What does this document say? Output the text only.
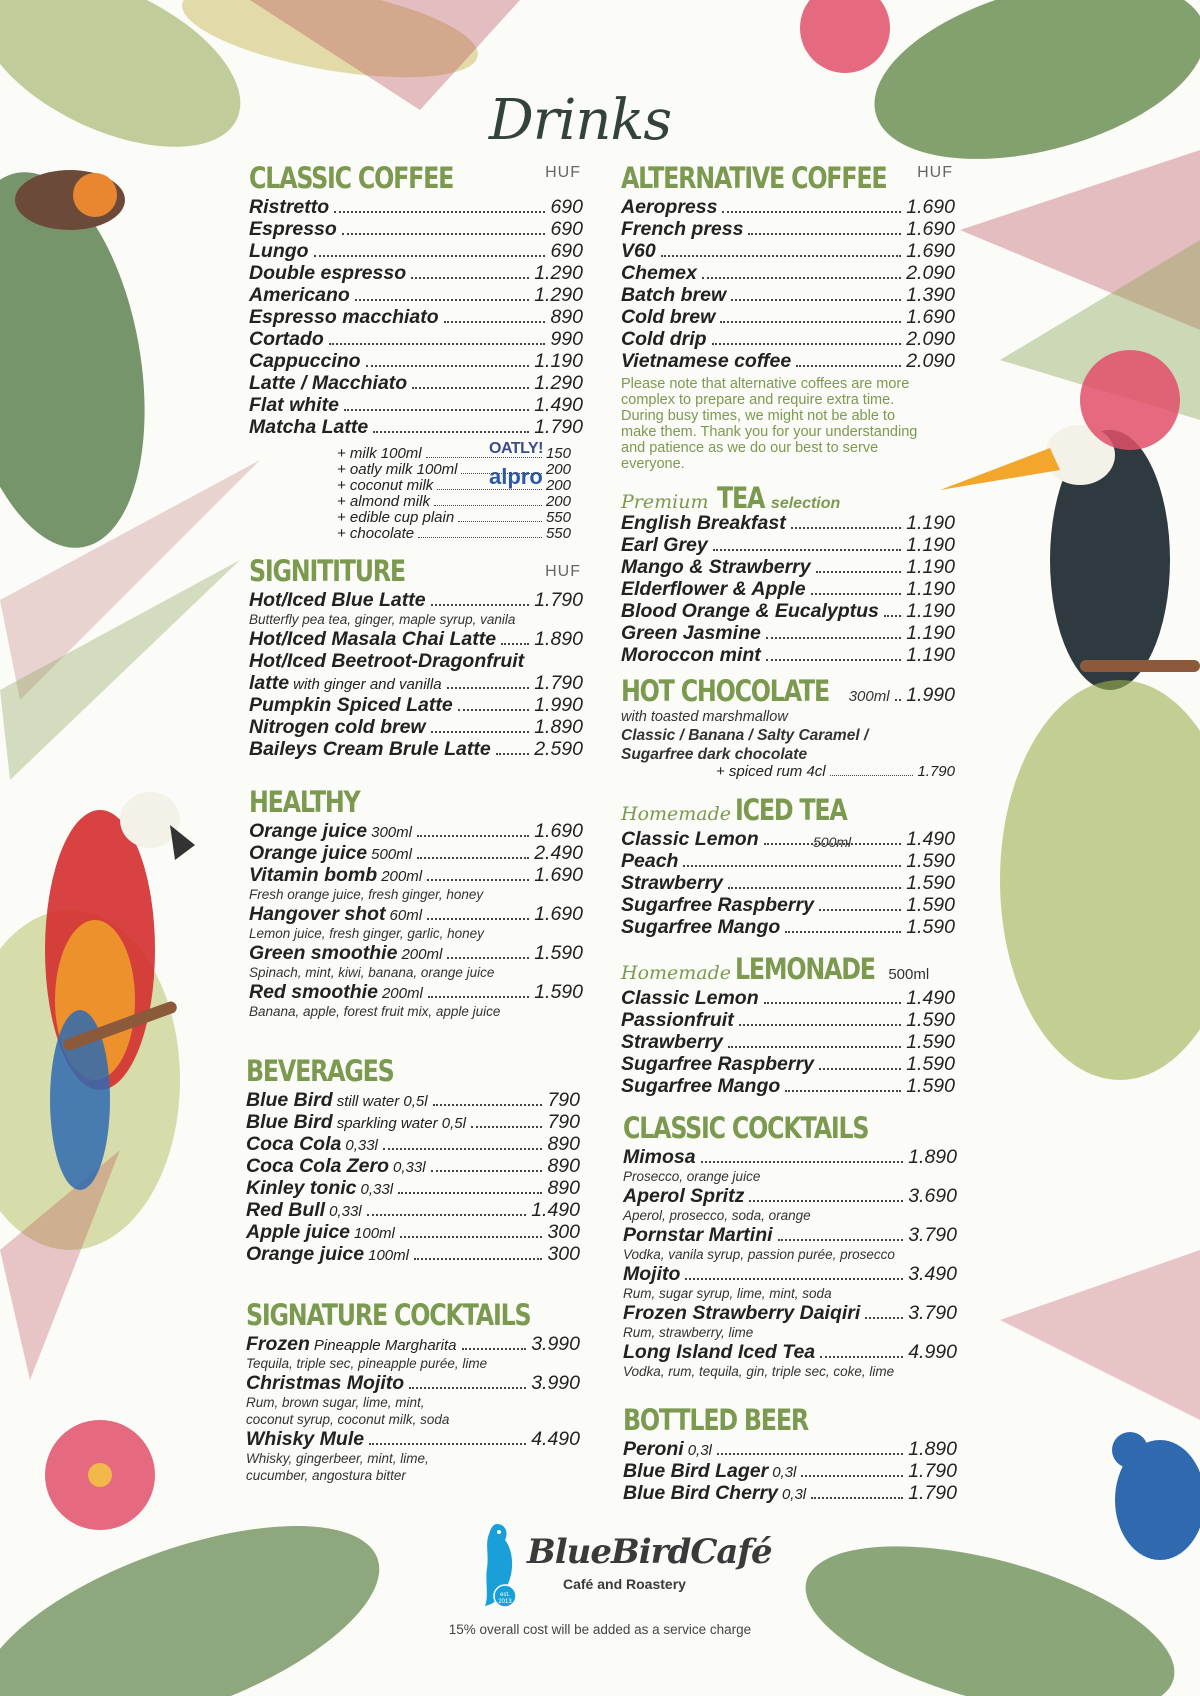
Drinks
CLASSIC COFFEE	HUF
Ristretto	690
Espresso	690
Lungo	690
Double espresso	1.290
Americano	1.290
Espresso macchiato	890
Cortado	990
Cappuccino	1.190
Latte / Macchiato	1.290
Flat white	1.490
Matcha Latte	1.790
OATLY!
alpro
+ milk 100ml	150
+ oatly milk 100ml	200
+ coconut milk	200
+ almond milk	200
+ edible cup plain	550
+ chocolate	550
SIGNITITURE	HUF
Hot/Iced Blue Latte	1.790
Butterfly pea tea, ginger, maple syrup, vanila
Hot/Iced Masala Chai Latte 1.890
Hot/Iced Beetroot-Dragonfruit
latte with ginger and vanilla	1.790
Pumpkin Spiced Latte	1.990
Nitrogen cold brew	1.890
Baileys Cream Brule Latte 2.590
HEALTHY
Orange juice 300ml	1.690
Orange juice 500ml	2.490
Vitamin bomb 200ml	1.690
Fresh orange juice, fresh ginger, honey
Hangover shot 60ml	1.690
Lemon juice, fresh ginger, garlic, honey
Green smoothie 200ml	1.590
Spinach, mint, kiwi, banana, orange juice
Red smoothie 200ml	1.590
Banana, apple, forest fruit mix, apple juice
BEVERAGES
Blue Bird still water 0,5l	790
Blue Bird sparkling water 0,5l	790
Coca Cola 0,33l	890
Coca Cola Zero 0,33l	890
Kinley tonic 0,33l	890
Red Bull 0,33l	1.490
Apple juice 100ml	300
Orange juice 100ml	300
SIGNATURE COCKTAILS
Frozen Pineapple Margharita	3.990
Tequila, triple sec, pineapple purée, lime
Christmas Mojito	3.990
Rum, brown sugar, lime, mint,
coconut syrup, coconut milk, soda
Whisky Mule	4.490
Whisky, gingerbeer, mint, lime,
cucumber, angostura bitter
ALTERNATIVE COFFEE HUF
Aeropress	1.690
French press	1.690
V60	1.690
Chemex	2.090
Batch brew	1.390
Cold brew	1.690
Cold drip	2.090
Vietnamese coffee	2.090
Please note that alternative coffees are more
complex to prepare and require extra time.
During busy times, we might not be able to
make them. Thank you for your understanding
and patience as we do our best to serve
everyone.
Premium TEA selection
English Breakfast	1.190
Earl Grey	1.190
Mango & Strawberry	1.190
Elderflower & Apple	1.190
Blood Orange & Eucalyptus 1.190
Green Jasmine	1.190
Moroccon mint	1.190
HOT CHOCOLATE 300ml 1.990
with toasted marshmallow
Classic / Banana / Salty Caramel /
Sugarfree dark chocolate
+ spiced rum 4cl	1.790
Homemade ICED TEA
Classic Lemon	1.490
Peach	1.590
Strawberry	1.590
Sugarfree Raspberry	1.590
Sugarfree Mango	1.590
500ml
Homemade LEMONADE 500ml
Classic Lemon	1.490
Passionfruit	1.590
Strawberry	1.590
Sugarfree Raspberry	1.590
Sugarfree Mango	1.590
CLASSIC COCKTAILS
Mimosa	1.890
Prosecco, orange juice
Aperol Spritz	3.690
Aperol, prosecco, soda, orange
Pornstar Martini	3.790
Vodka, vanila syrup, passion purée, prosecco
Mojito	3.490
Rum, sugar syrup, lime, mint, soda
Frozen Strawberry Daiqiri 3.790
Rum, strawberry, lime
Long Island Iced Tea	4.990
Vodka, rum, tequila, gin, triple sec, coke, lime
BOTTLED BEER
Peroni 0,3l	1.890
Blue Bird Lager 0,3l	1.790
Blue Bird Cherry 0,3l	1.790
est. 2013
BlueBirdCafé
Café and Roastery
15% overall cost will be added as a service charge
